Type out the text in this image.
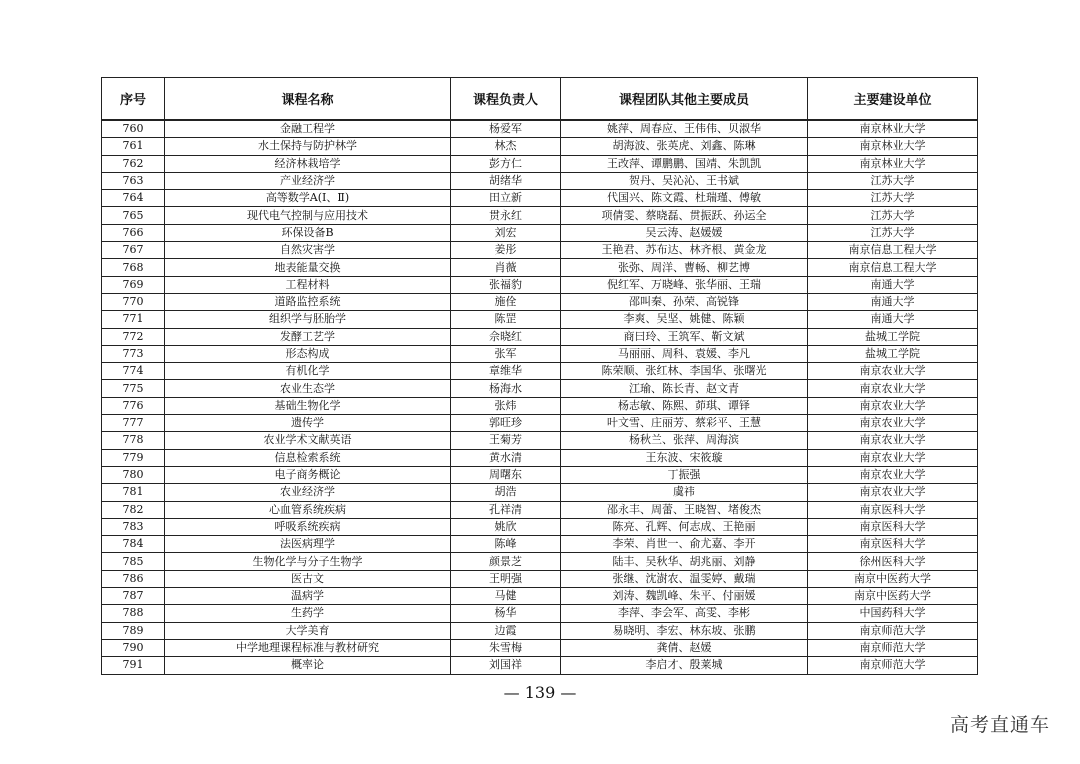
序号	课程名称	课程负责人	课程团队其他主要成员	主要建设单位
760	金融工程学	杨爱军	姚萍、周春应、王伟伟、贝淑华	南京林业大学
761	水土保持与防护林学	林杰	胡海波、张英虎、刘鑫、陈琳	南京林业大学
762	经济林栽培学	彭方仁	王改萍、谭鹏鹏、国靖、朱凯凯	南京林业大学
763	产业经济学	胡绪华	贺丹、吴沁沁、王书斌	江苏大学
764	高等数学A(Ⅰ、Ⅱ)	田立新	代国兴、陈文霞、杜瑞瑾、傅敏	江苏大学
765	现代电气控制与应用技术	贯永红	项倩雯、蔡晓磊、贯振跃、孙运全	江苏大学
766	环保设备B	刘宏	吴云涛、赵媛媛	江苏大学
767	自然灾害学	姜彤	王艳君、苏布达、林齐根、黄金龙	南京信息工程大学
768	地表能量交换	肖薇	张弥、周洋、曹畅、柳艺博	南京信息工程大学
769	工程材料	张福豹	倪红军、万晓峰、张华丽、王瑞	南通大学
770	道路监控系统	施佺	邵叫秦、孙荣、高锐锋	南通大学
771	组织学与胚胎学	陈罡	李爽、吴坚、姚健、陈颖	南通大学
772	发酵工艺学	佘晓红	商曰玲、王筑军、靳文斌	盐城工学院
773	形态构成	张军	马丽丽、周科、袁媛、李凡	盐城工学院
774	有机化学	章维华	陈荣顺、张红林、李国华、张曙光	南京农业大学
775	农业生态学	杨海水	江瑜、陈长青、赵文青	南京农业大学
776	基础生物化学	张炜	杨志敏、陈熙、茆琪、谭铎	南京农业大学
777	遗传学	郭旺珍	叶文雪、庄丽芳、蔡彩平、王慧	南京农业大学
778	农业学术文献英语	王菊芳	杨秋兰、张萍、周海滨	南京农业大学
779	信息检索系统	黄水清	王东波、宋筱璇	南京农业大学
780	电子商务概论	周曙东	丁振强	南京农业大学
781	农业经济学	胡浩	虞祎	南京农业大学
782	心血管系统疾病	孔祥清	邵永丰、周蕾、王晓智、堵俊杰	南京医科大学
783	呼吸系统疾病	姚欣	陈亮、孔辉、何志成、王艳丽	南京医科大学
784	法医病理学	陈峰	李荣、肖世一、俞尤嘉、李开	南京医科大学
785	生物化学与分子生物学	颜景芝	陆丰、吴秋华、胡兆丽、刘静	徐州医科大学
786	医古文	王明强	张继、沈澍农、温雯婷、戴瑞	南京中医药大学
787	温病学	马健	刘涛、魏凯峰、朱平、付丽媛	南京中医药大学
788	生药学	杨华	李萍、李会军、高雯、李彬	中国药科大学
789	大学美育	边霞	易晓明、李宏、林东坡、张鹏	南京师范大学
790	中学地理课程标准与教材研究	朱雪梅	龚倩、赵媛	南京师范大学
791	概率论	刘国祥	李启才、殷莱城	南京师范大学
— 139 —
高考直通车
